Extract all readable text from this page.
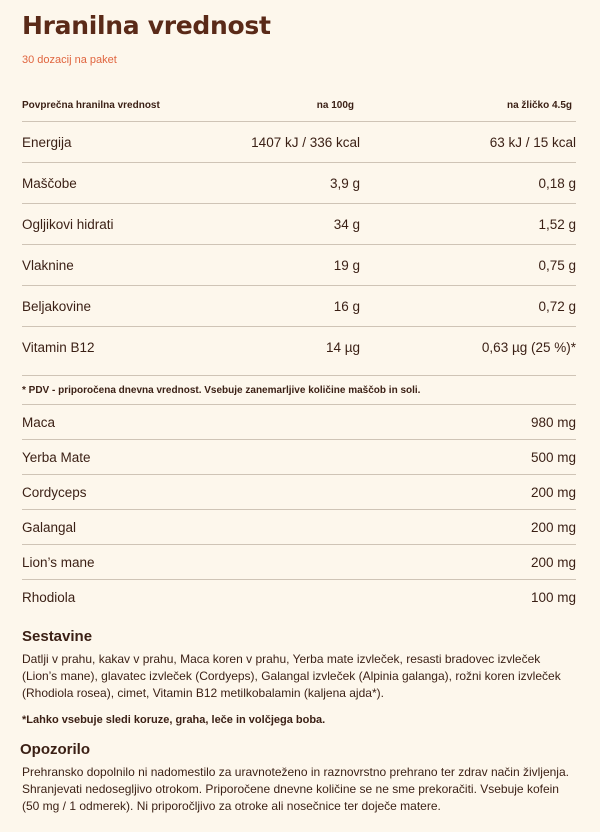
Hranilna vrednost
30 dozacij na paket
Povprečna hranilna vrednost	na 100g	na žličko 4.5g
Energija	1407 kJ / 336 kcal	63 kJ / 15 kcal
Maščobe	3,9 g	0,18 g
Ogljikovi hidrati	34 g	1,52 g
Vlaknine	19 g	0,75 g
Beljakovine	16 g	0,72 g
Vitamin B12	14 µg	0,63 µg (25 %)*
* PDV - priporočena dnevna vrednost. Vsebuje zanemarljive količine maščob in soli.
Maca	980 mg
Yerba Mate	500 mg
Cordyceps	200 mg
Galangal	200 mg
Lion’s mane	200 mg
Rhodiola	100 mg
Sestavine

Datlji v prahu, kakav v prahu, Maca koren v prahu, Yerba mate izvleček, resasti bradovec izvleček (Lion’s mane), glavatec izvleček (Cordyeps), Galangal izvleček (Alpinia galanga), rožni koren izvleček (Rhodiola rosea), cimet, Vitamin B12 metilkobalamin (kaljena ajda*).

*Lahko vsebuje sledi koruze, graha, leče in volčjega boba.

Opozorilo

Prehransko dopolnilo ni nadomestilo za uravnoteženo in raznovrstno prehrano ter zdrav način življenja. Shranjevati nedosegljivo otrokom. Priporočene dnevne količine se ne sme prekoračiti. Vsebuje kofein (50 mg / 1 odmerek). Ni priporočljivo za otroke ali nosečnice ter doječe matere.
